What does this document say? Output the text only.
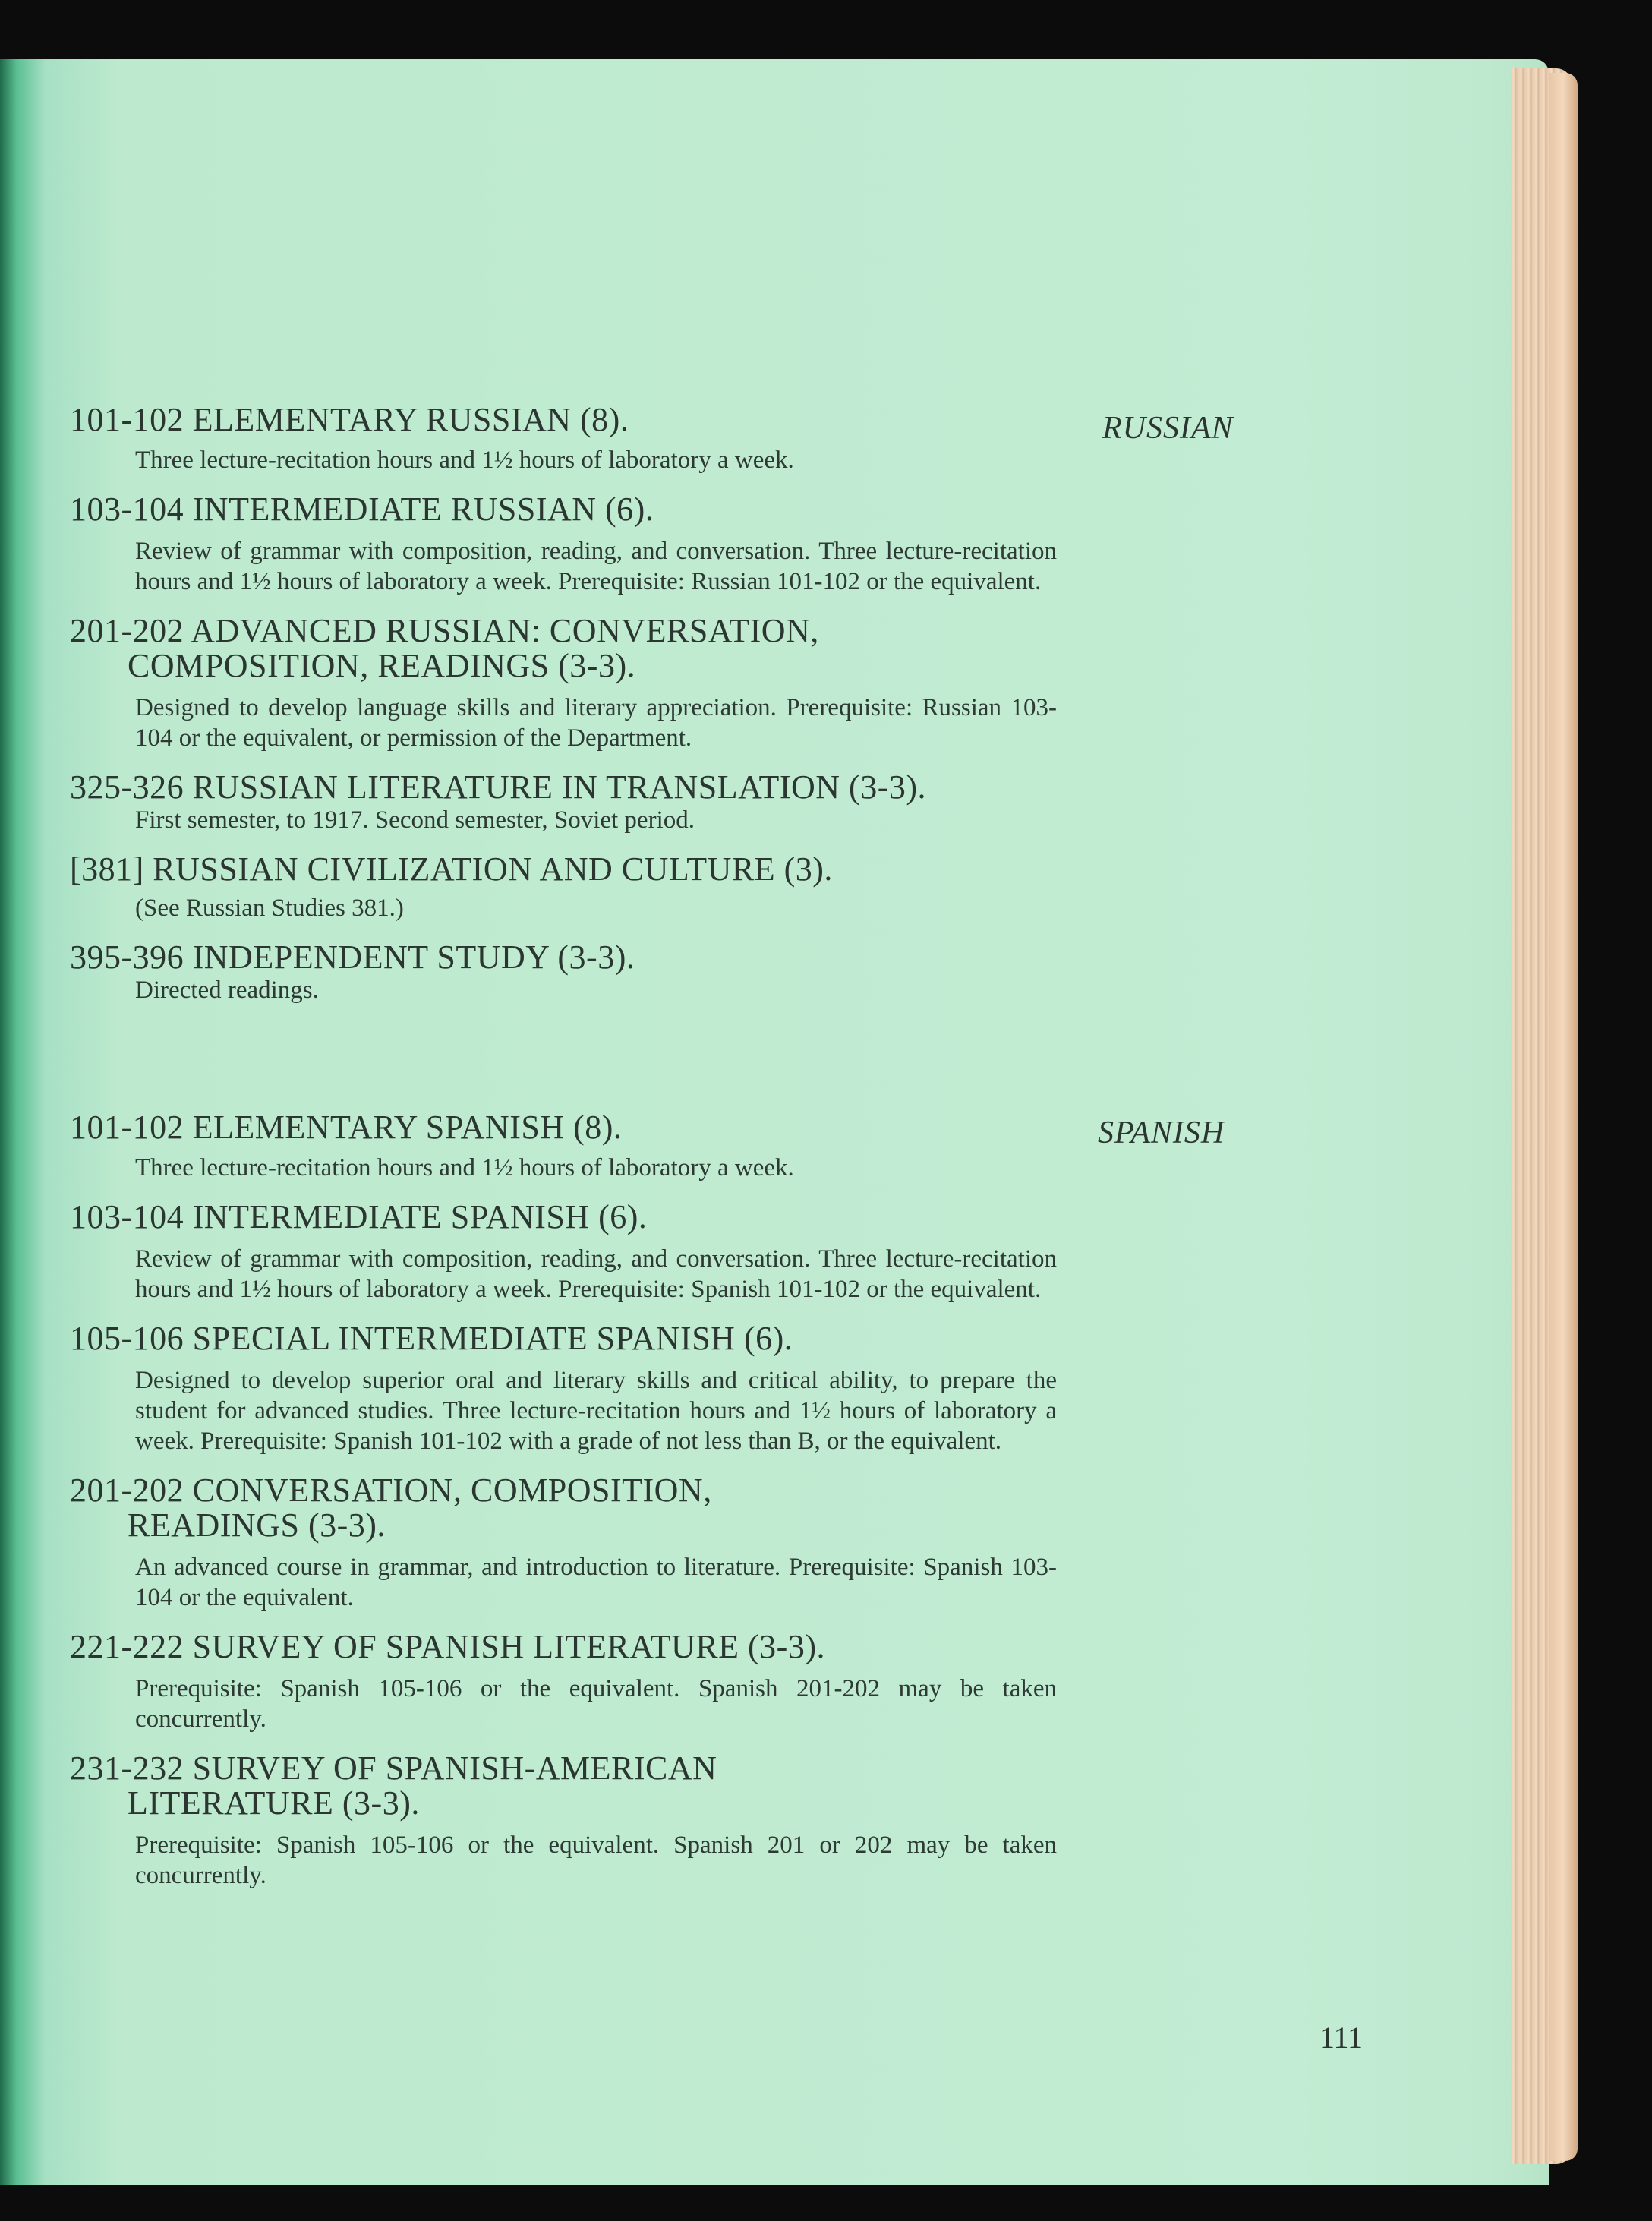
RUSSIAN
SPANISH
101-102 ELEMENTARY RUSSIAN (8).
Three lecture-recitation hours and 1½ hours of laboratory a week.
103-104 INTERMEDIATE RUSSIAN (6).
Review of grammar with composition, reading, and conversation. Three lecture-recitation hours and 1½ hours of laboratory a week. Prerequisite: Russian 101-102 or the equivalent.
201-202 ADVANCED RUSSIAN: CONVERSATION,
COMPOSITION, READINGS (3-3).
Designed to develop language skills and literary appreciation. Prerequisite: Russian 103-104 or the equivalent, or permission of the Department.
325-326 RUSSIAN LITERATURE IN TRANSLATION (3-3).
First semester, to 1917. Second semester, Soviet period.
[381] RUSSIAN CIVILIZATION AND CULTURE (3).
(See Russian Studies 381.)
395-396 INDEPENDENT STUDY (3-3).
Directed readings.
101-102 ELEMENTARY SPANISH (8).
Three lecture-recitation hours and 1½ hours of laboratory a week.
103-104 INTERMEDIATE SPANISH (6).
Review of grammar with composition, reading, and conversation. Three lecture-recitation hours and 1½ hours of laboratory a week. Prerequisite: Spanish 101-102 or the equivalent.
105-106 SPECIAL INTERMEDIATE SPANISH (6).
Designed to develop superior oral and literary skills and critical ability, to prepare the student for advanced studies. Three lecture-recitation hours and 1½ hours of laboratory a week. Prerequisite: Spanish 101-102 with a grade of not less than B, or the equivalent.
201-202 CONVERSATION, COMPOSITION,
READINGS (3-3).
An advanced course in grammar, and introduction to literature. Prerequisite: Spanish 103-104 or the equivalent.
221-222 SURVEY OF SPANISH LITERATURE (3-3).
Prerequisite: Spanish 105-106 or the equivalent. Spanish 201-202 may be taken concurrently.
231-232 SURVEY OF SPANISH-AMERICAN
LITERATURE (3-3).
Prerequisite: Spanish 105-106 or the equivalent. Spanish 201 or 202 may be taken concurrently.
111
